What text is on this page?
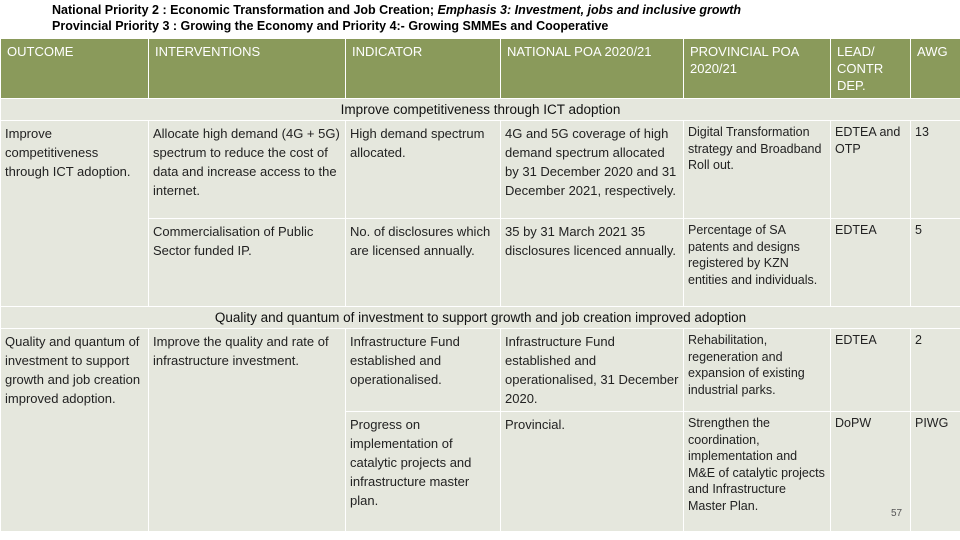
National Priority 2 : Economic Transformation and Job Creation; Emphasis 3: Investment, jobs and inclusive growth
Provincial Priority 3 : Growing the Economy and Priority 4:- Growing SMMEs and Cooperative
OUTCOME	INTERVENTIONS	INDICATOR	NATIONAL POA 2020/21	PROVINCIAL POA 2020/21	LEAD/ CONTR DEP.	AWG
Improve competitiveness through ICT adoption						
Improve competitiveness through ICT adoption.	Allocate high demand (4G + 5G) spectrum to reduce the cost of data and increase access to the internet.	High demand spectrum allocated.	4G and 5G coverage of high demand spectrum allocated by 31 December 2020 and 31 December 2021, respectively.	Digital Transformation strategy and Broadband Roll out.	EDTEA and OTP	13
	Commercialisation of Public Sector funded IP.	No. of disclosures which are licensed annually.	35 by 31 March 2021 35 disclosures licenced annually.	Percentage of SA patents and designs registered by KZN entities and individuals.	EDTEA	5
Quality and quantum of investment to support growth and job creation improved adoption						
Quality and quantum of investment to support growth and job creation improved adoption.	Improve the quality and rate of infrastructure investment.	Infrastructure Fund established and operationalised.	Infrastructure Fund established and operationalised, 31 December 2020.	Rehabilitation, regeneration and expansion of existing industrial parks.	EDTEA	2
		Progress on implementation of catalytic projects and infrastructure master plan.	Provincial.	Strengthen the coordination, implementation and M&E of catalytic projects and Infrastructure Master Plan.	DoPW	PIWG
57
